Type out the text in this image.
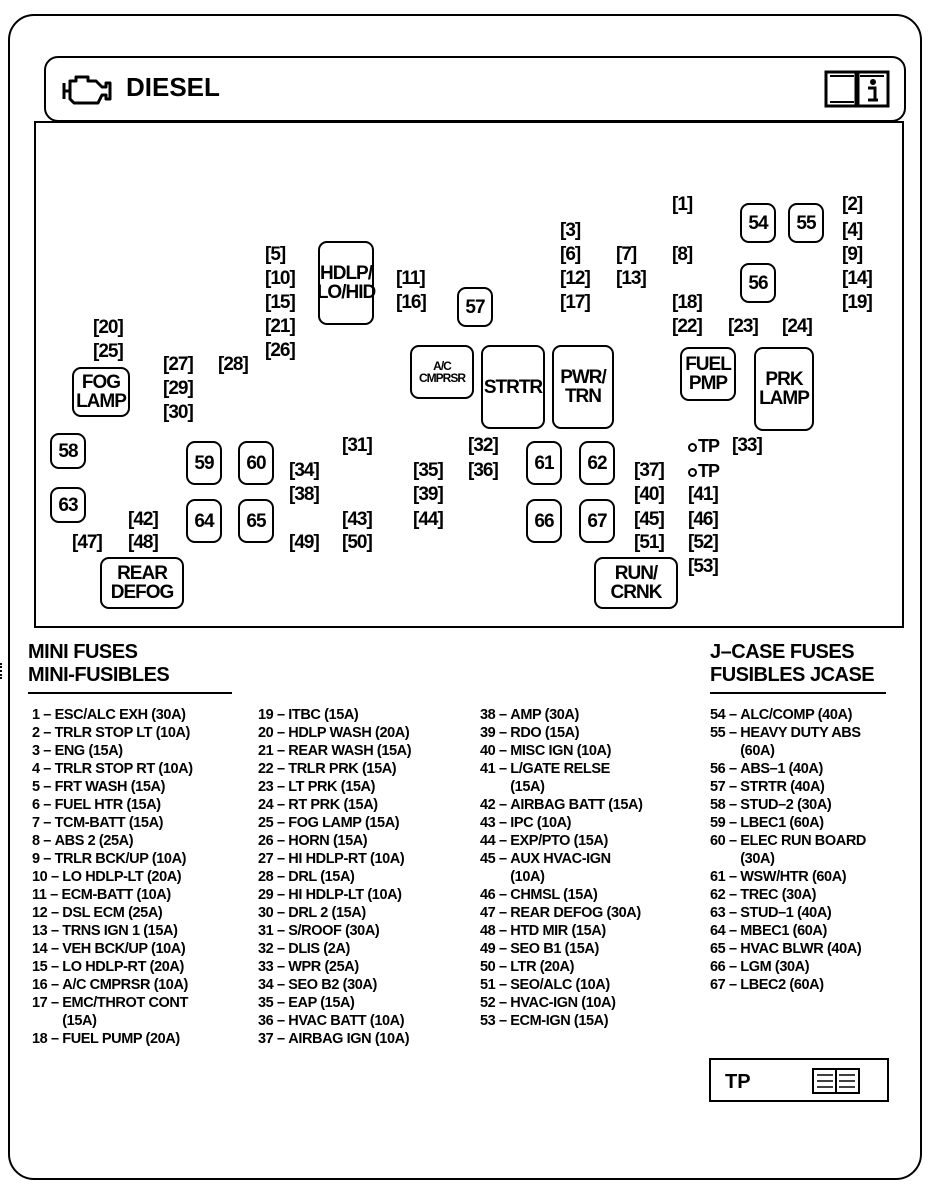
DIESEL
[1]	[2]
[3]	[4]
[5]	[6] [7] [8]	[9]
[10]	[11]	[12] [13]	[14]
[15]	[16]	[17]	[18]	[19]
[20]	[21]	[22] [23] [24]
[25]	[26]
[27] [28]
[29]
[30]
[31]	[32]
[34]	[35] [36]	[37]
[38]	[39]	[40] [41]
[42]	[43] [44]	[45] [46]
[47] [48]	[49] [50]	[51] [52]
[53]
TP [33]
TP
54	55
56
57
58
59	60	61	62
63
64	65	66	67
HDLP/
LO/HID
FOG
LAMP
A/C
CMPRSR STRTR PWR/
TRN
FUEL
PMP	PRK
LAMP
REAR
DEFOG
RUN/
CRNK
MINI FUSES
MINI-FUSIBLES
1 – ESC/ALC EXH (30A)
2 – TRLR STOP LT (10A)
3 – ENG (15A)
4 – TRLR STOP RT (10A)
5 – FRT WASH (15A)
6 – FUEL HTR (15A)
7 – TCM-BATT (15A)
8 – ABS 2 (25A)
9 – TRLR BCK/UP (10A)
10 – LO HDLP-LT (20A)
11 – ECM-BATT (10A)
12 – DSL ECM (25A)
13 – TRNS IGN 1 (15A)
14 – VEH BCK/UP (10A)
15 – LO HDLP-RT (20A)
16 – A/C CMPRSR (10A)
17 – EMC/THROT CONT
(15A)
18 – FUEL PUMP (20A)
19 – ITBC (15A)
20 – HDLP WASH (20A)
21 – REAR WASH (15A)
22 – TRLR PRK (15A)
23 – LT PRK (15A)
24 – RT PRK (15A)
25 – FOG LAMP (15A)
26 – HORN (15A)
27 – HI HDLP-RT (10A)
28 – DRL (15A)
29 – HI HDLP-LT (10A)
30 – DRL 2 (15A)
31 – S/ROOF (30A)
32 – DLIS (2A)
33 – WPR (25A)
34 – SEO B2 (30A)
35 – EAP (15A)
36 – HVAC BATT (10A)
37 – AIRBAG IGN (10A)
38 – AMP (30A)
39 – RDO (15A)
40 – MISC IGN (10A)
41 – L/GATE RELSE
(15A)
42 – AIRBAG BATT (15A)
43 – IPC (10A)
44 – EXP/PTO (15A)
45 – AUX HVAC-IGN
(10A)
46 – CHMSL (15A)
47 – REAR DEFOG (30A)
48 – HTD MIR (15A)
49 – SEO B1 (15A)
50 – LTR (20A)
51 – SEO/ALC (10A)
52 – HVAC-IGN (10A)
53 – ECM-IGN (15A)
J–CASE FUSES
FUSIBLES JCASE
54 – ALC/COMP (40A)
55 – HEAVY DUTY ABS
(60A)
56 – ABS–1 (40A)
57 – STRTR (40A)
58 – STUD–2 (30A)
59 – LBEC1 (60A)
60 – ELEC RUN BOARD
(30A)
61 – WSW/HTR (60A)
62 – TREC (30A)
63 – STUD–1 (40A)
64 – MBEC1 (60A)
65 – HVAC BLWR (40A)
66 – LGM (30A)
67 – LBEC2 (60A)
TP
